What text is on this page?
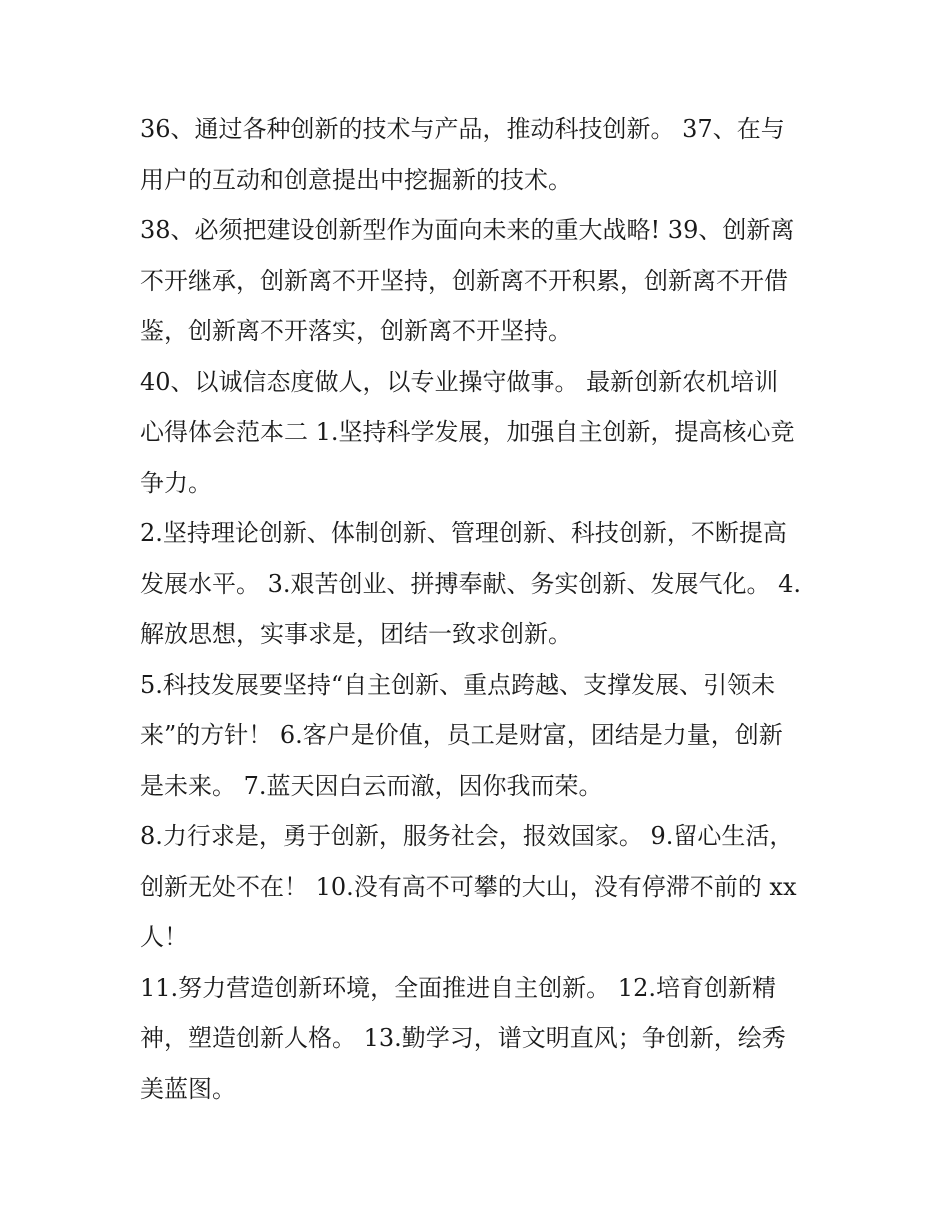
36、通过各种创新的技术与产品，推动科技创新。 37、在与
用户的互动和创意提出中挖掘新的技术。
38、必须把建设创新型作为面向未来的重大战略! 39、创新离
不开继承，创新离不开坚持，创新离不开积累，创新离不开借
鉴，创新离不开落实，创新离不开坚持。
40、以诚信态度做人，以专业操守做事。 最新创新农机培训
心得体会范本二 1.坚持科学发展，加强自主创新，提高核心竞
争力。
2.坚持理论创新、体制创新、管理创新、科技创新，不断提高
发展水平。 3.艰苦创业、拼搏奉献、务实创新、发展气化。 4.
解放思想，实事求是，团结一致求创新。
5.科技发展要坚持“自主创新、重点跨越、支撑发展、引领未
来”的方针！ 6.客户是价值，员工是财富，团结是力量，创新
是未来。 7.蓝天因白云而澈，因你我而荣。
8.力行求是，勇于创新，服务社会，报效国家。 9.留心生活，
创新无处不在！ 10.没有高不可攀的大山，没有停滞不前的 xx
人！
11.努力营造创新环境，全面推进自主创新。 12.培育创新精
神，塑造创新人格。 13.勤学习，谱文明直风；争创新，绘秀
美蓝图。
